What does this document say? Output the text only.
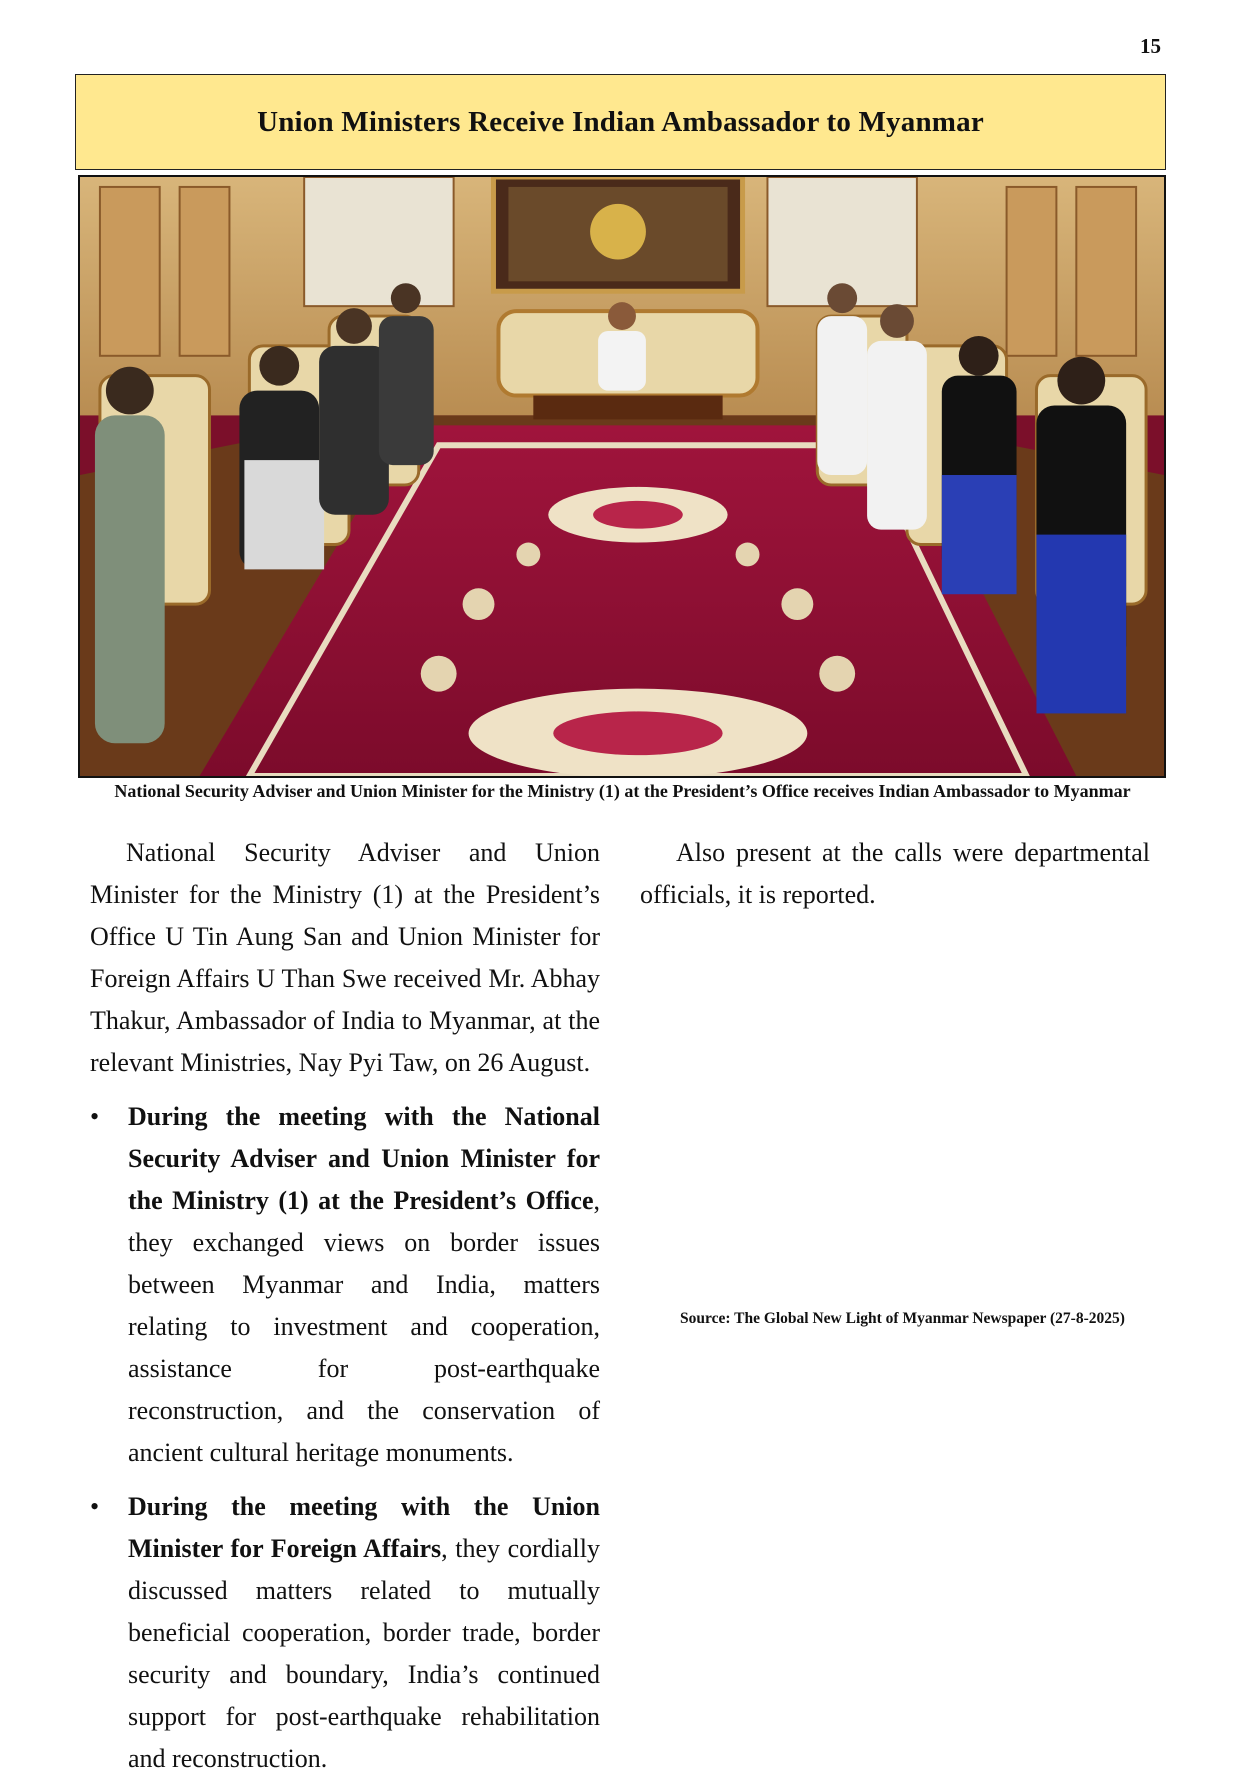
15
Union Ministers Receive Indian Ambassador to Myanmar
National Security Adviser and Union Minister for the Ministry (1) at the President’s Office receives Indian Ambassador to Myanmar

National Security Adviser and Union Minister for the Ministry (1) at the President’s Office U Tin Aung San and Union Minister for Foreign Affairs U Than Swe received Mr. Abhay Thakur, Ambassador of India to Myanmar, at the relevant Ministries, Nay Pyi Taw, on 26 August.

• During the meeting with the National Security Adviser and Union Minister for the Ministry (1) at the President’s Office, they exchanged views on border issues between Myanmar and India, matters relating to investment and cooperation, assistance for post-earthquake reconstruction, and the conservation of ancient cultural heritage monuments.
• During the meeting with the Union Minister for Foreign Affairs, they cordially discussed matters related to mutually beneficial cooperation, border trade, border security and boundary, India’s continued support for post-earthquake rehabilitation and reconstruction.
Source: The Global New Light of Myanmar Newspaper (27-8-2025)

Also present at the calls were departmental officials, it is reported.
